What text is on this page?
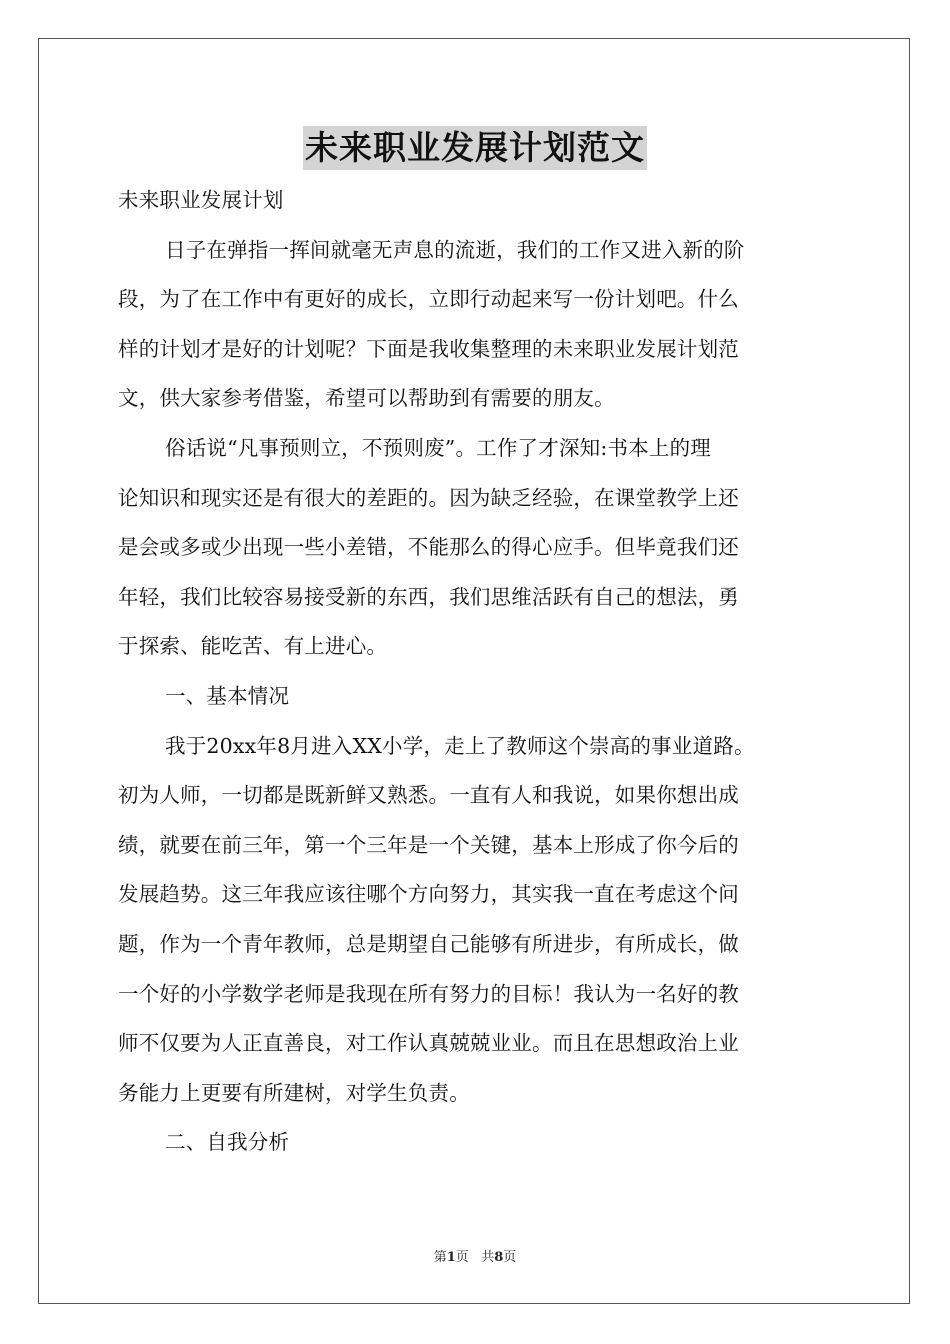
未来职业发展计划范文
未来职业发展计划
日子在弹指一挥间就毫无声息的流逝，我们的工作又进入新的阶
段，为了在工作中有更好的成长，立即行动起来写一份计划吧。什么
样的计划才是好的计划呢？下面是我收集整理的未来职业发展计划范
文，供大家参考借鉴，希望可以帮助到有需要的朋友。
俗话说“凡事预则立，不预则废”。工作了才深知:书本上的理
论知识和现实还是有很大的差距的。因为缺乏经验，在课堂教学上还
是会或多或少出现一些小差错，不能那么的得心应手。但毕竟我们还
年轻，我们比较容易接受新的东西，我们思维活跃有自己的想法，勇
于探索、能吃苦、有上进心。
一、基本情况
我于20xx年8月进入XX小学，走上了教师这个崇高的事业道路。
初为人师，一切都是既新鲜又熟悉。一直有人和我说，如果你想出成
绩，就要在前三年，第一个三年是一个关键，基本上形成了你今后的
发展趋势。这三年我应该往哪个方向努力，其实我一直在考虑这个问
题，作为一个青年教师，总是期望自己能够有所进步，有所成长，做
一个好的小学数学老师是我现在所有努力的目标！我认为一名好的教
师不仅要为人正直善良，对工作认真兢兢业业。而且在思想政治上业
务能力上更要有所建树，对学生负责。
二、自我分析
第1页 共8页
